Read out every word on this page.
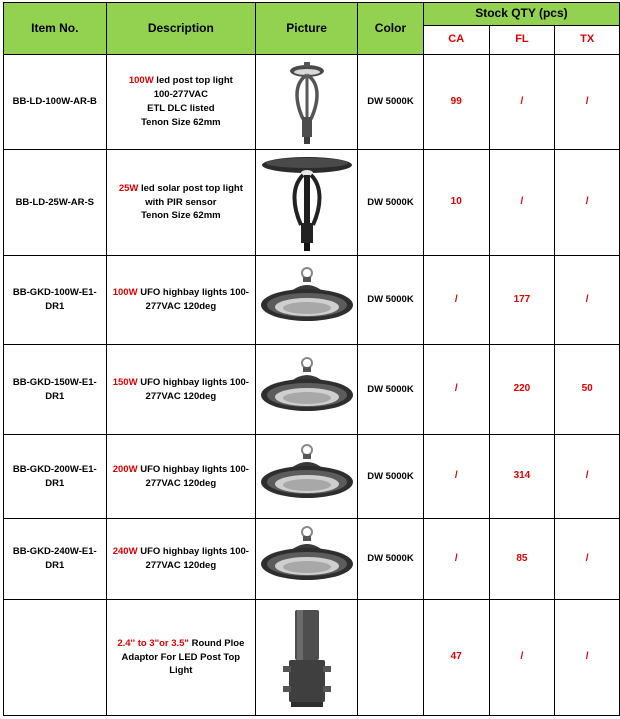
Item No.	Description	Picture	Color	Stock QTY (pcs)		
				CA	FL	TX
BB-LD-100W-AR-B	100W led post top light
100-277VAC
ETL DLC listed
Tenon Size 62mm		DW 5000K	99	/	/
BB-LD-25W-AR-S	25W led solar post top light
with PIR sensor
Tenon Size 62mm		DW 5000K	10	/	/
BB-GKD-100W-E1-DR1	100W UFO highbay lights 100-
277VAC 120deg		DW 5000K	/	177	/
BB-GKD-150W-E1-DR1	150W UFO highbay lights 100-
277VAC 120deg		DW 5000K	/	220	50
BB-GKD-200W-E1-DR1	200W UFO highbay lights 100-
277VAC 120deg		DW 5000K	/	314	/
BB-GKD-240W-E1-DR1	240W UFO highbay lights 100-
277VAC 120deg		DW 5000K	/	85	/
	2.4'' to 3"or 3.5" Round Ploe
Adaptor For LED Post Top Light			47	/	/
